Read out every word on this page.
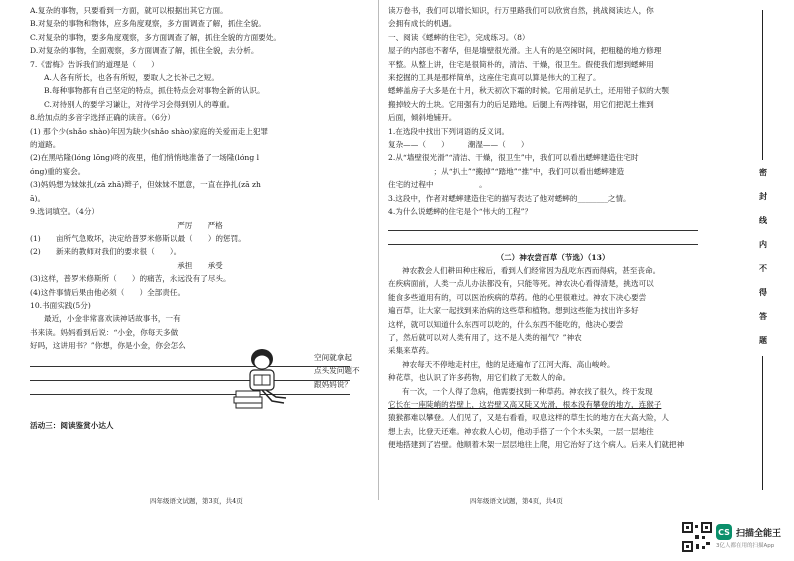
A.复杂的事物，只要看到一方面，就可以根据出其它方面。
B.对复杂的事物和物体，应多角度观察，多方面调查了解，抓住全貌。
C.对复杂的事物，要多角度观察，多方面调查了解，抓住全貌的方面要处。
D.对复杂的事物，全面观察，多方面调查了解，抓住全貌，去分析。
7.《雷梅》告诉我们的道理是（　　）
A.人各有所长，也各有所短，要取人之长补己之短。
B.每种事物都有自己坚定的特点，抓住特点会对事物全新的认识。
C.对待别人的要学习谦让，对待学习会得到别人的尊重。
8.给加点的多音字选择正确的读音。（6分）
(1) 那个少(shǎo shào)年因为缺少(shǎo shào)家庭的关爱而走上犯罪
的道路。
(2)在黑咕隆(lóng lōng)咚的夜里，他们悄悄地准备了一场隆(lóng l
óng)重的宴会。
(3)妈妈想为妹妹扎(zā zhā)辫子，但妹妹不愿意，一直在挣扎(zā zh
ā)。
9.选词填空。（4分）
严厉　　严格
(1)　　亩所气急败坏，决定给普罗米修斯以最（　　）的惩罚。
(2)　　新来的教师对我们的要求很（　　）。
承担　　承受
(3)这样，普罗米修斯所（　　）的痛苦，永远没有了尽头。
(4)这件事情后果由他必须（　　）全部责任。
10.书面实践(5分)
最近，小金非常喜欢读神话故事书，一有
书来读。妈妈看到后说：“小金，你每天多做
好吗，这讲用书？”你想，你是小金，你会怎么
空间就拿起
点头发问题不
跟妈妈说？
活动三：阅读鉴赏小达人
四年级语文试题，第3页，共4页
读万卷书，我们可以增长知识，行万里路我们可以欣赏自然，挑战阅读达人，你
会拥有成长的机遇。
一、阅读《蟋蟀的住宅》，完成练习。（8）
屋子的内部也不奢华，但是墙壁很光滑。主人有的是空闲时间，把粗糙的地方修理
平整。从整上讲，住宅是很简朴的，清洁、干燥，很卫生。假使我们想到蟋蟀用
来挖掘的工具是那样简单，这座住宅真可以算是伟大的工程了。
蟋蟀盖房子大多是在十月，秋天初次下霜的时候。它用前足扒土，还用钳子似的大颚
搬掉较大的土块。它用强有力的后足踏地。后腿上有两排锯，用它们把泥土推到
后面，倾斜地铺开。
1.在选段中找出下列词语的反义词。
复杂——（　　）　　　潮湿——（　　）
2.从“墙壁很光滑”“清洁、干燥，很卫生”中，我们可以看出蟋蟀建造住宅时
　　　　　　；从“扒土”“搬掉”“踏地”“推”中，我们可以看出蟋蟀建造
住宅的过程中　　　　　　。
3.这段中，作者对蟋蟀建造住宅的描写表达了他对蟋蟀的________之情。
4.为什么说蟋蟀的住宅是个“伟大的工程”？
（二）神农尝百草（节选）（13）
神农教会人们耕田种庄稼后，看到人们经常因为乱吃东西而得病，甚至丧命。
在疾病面前，人类一点儿办法都没有，只能等死。神农决心看得清楚，挑选可以
能食多些道用有的，可以医治疾病的草药。他的心里很难过。神农下决心要尝
遍百草，让大家一起找到来治病的这些草和植物。想到这些能为找出许多好
这样，就可以知道什么东西可以吃的，什么东西不能吃的，他决心要尝
了，然后就可以对人类有用了，这不是人类的福气？”神农
采集来草药。
神农每天不停地走村庄，他的足迹遍布了江河大海、高山峻岭。
种花草，也认识了许多药物，用它们救了无数人的命。
有一次，一个人得了急病，他需要找到一种草药。神农找了很久，终于发现
它长在一座陡峭的岩壁上，这岩壁又高又陡又光滑，根本没有攀登的地方，连猴子
猿猴都难以攀登。人们见了，又是右看看，叹息这样的草生长的地方在大高大险，人
想上去，比登天还难。神农救人心切，他动手搭了一个个木头架，一层一层地往
便地搭建到了岩壁。他顺着木架一层层地往上爬，用它治好了这个病人。后来人们就把神
四年级语文试题，第4页，共4页
密
封
线
内
不
得
答
题
CS 扫描全能王
3亿人都在用的扫描App
